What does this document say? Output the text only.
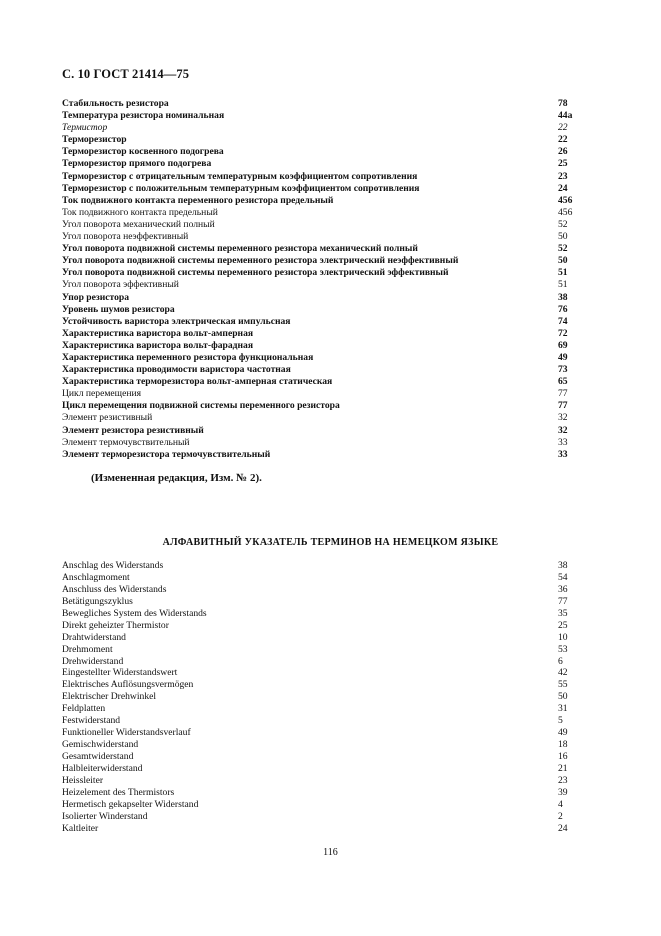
С. 10 ГОСТ 21414—75
Стабильность резистора	78
Температура резистора номинальная	44а
Термистор	22
Терморезистор	22
Терморезистор косвенного подогрева	26
Терморезистор прямого подогрева	25
Терморезистор с отрицательным температурным коэффициентом сопротивления	23
Терморезистор с положительным температурным коэффициентом сопротивления	24
Ток подвижного контакта переменного резистора предельный	456
Ток подвижного контакта предельный	456
Угол поворота механический полный	52
Угол поворота неэффективный	50
Угол поворота подвижной системы переменного резистора механический полный	52
Угол поворота подвижной системы переменного резистора электрический неэффективный	50
Угол поворота подвижной системы переменного резистора электрический эффективный	51
Угол поворота эффективный	51
Упор резистора	38
Уровень шумов резистора	76
Устойчивость варистора электрическая импульсная	74
Характеристика варистора вольт-амперная	72
Характеристика варистора вольт-фарадная	69
Характеристика переменного резистора функциональная	49
Характеристика проводимости варистора частотная	73
Характеристика терморезистора вольт-амперная статическая	65
Цикл перемещения	77
Цикл перемещения подвижной системы переменного резистора	77
Элемент резистивный	32
Элемент резистора резистивный	32
Элемент термочувствительный	33
Элемент терморезистора термочувствительный	33
(Измененная редакция, Изм. № 2).
АЛФАВИТНЫЙ УКАЗАТЕЛЬ ТЕРМИНОВ НА НЕМЕЦКОМ ЯЗЫКЕ
Anschlag des Widerstands	38
Anschlagmoment	54
Anschluss des Widerstands	36
Betätigungszyklus	77
Bewegliches System des Widerstands	35
Direkt geheizter Thermistor	25
Drahtwiderstand	10
Drehmoment	53
Drehwiderstand	6
Eingestellter Widerstandswert	42
Elektrisches Auflösungsvermögen	55
Elektrischer Drehwinkel	50
Feldplatten	31
Festwiderstand	5
Funktioneller Widerstandsverlauf	49
Gemischwiderstand	18
Gesamtwiderstand	16
Halbleiterwiderstand	21
Heissleiter	23
Heizelement des Thermistors	39
Hermetisch gekapselter Widerstand	4
Isolierter Winderstand	2
Kaltleiter	24
116
